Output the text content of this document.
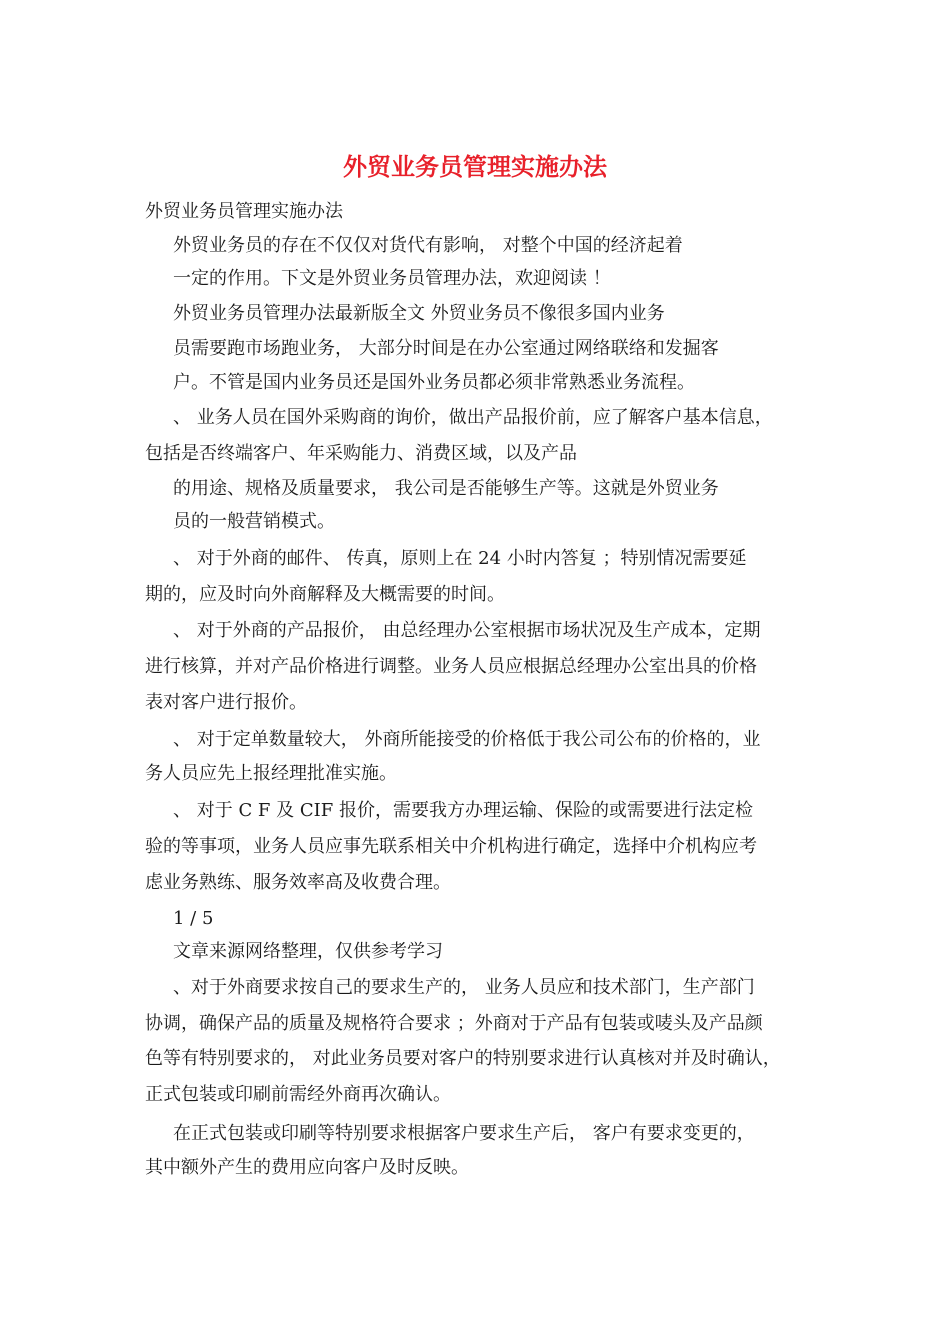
外贸业务员管理实施办法
外贸业务员管理实施办法
外贸业务员的存在不仅仅对货代有影响， 对整个中国的经济起着
一定的作用。下文是外贸业务员管理办法，欢迎阅读 ！
外贸业务员管理办法最新版全文 外贸业务员不像很多国内业务
员需要跑市场跑业务， 大部分时间是在办公室通过网络联络和发掘客
户。不管是国内业务员还是国外业务员都必须非常熟悉业务流程。
、 业务人员在国外采购商的询价，做出产品报价前，应了解客户基本信息，
包括是否终端客户、年采购能力、消费区域，以及产品
的用途、规格及质量要求， 我公司是否能够生产等。这就是外贸业务
员的一般营销模式。
、 对于外商的邮件、 传真，原则上在 24 小时内答复 ；特别情况需要延
期的，应及时向外商解释及大概需要的时间。
、 对于外商的产品报价， 由总经理办公室根据市场状况及生产成本，定期
进行核算，并对产品价格进行调整。业务人员应根据总经理办公室出具的价格
表对客户进行报价。
、 对于定单数量较大， 外商所能接受的价格低于我公司公布的价格的，业
务人员应先上报经理批准实施。
、 对于 C F 及 CIF 报价，需要我方办理运输、保险的或需要进行法定检
验的等事项，业务人员应事先联系相关中介机构进行确定，选择中介机构应考
虑业务熟练、服务效率高及收费合理。
1 / 5
文章来源网络整理，仅供参考学习
、对于外商要求按自己的要求生产的， 业务人员应和技术部门，生产部门
协调，确保产品的质量及规格符合要求 ；外商对于产品有包装或唛头及产品颜
色等有特别要求的， 对此业务员要对客户的特别要求进行认真核对并及时确认，
正式包装或印刷前需经外商再次确认。
在正式包装或印刷等特别要求根据客户要求生产后， 客户有要求变更的，
其中额外产生的费用应向客户及时反映。
